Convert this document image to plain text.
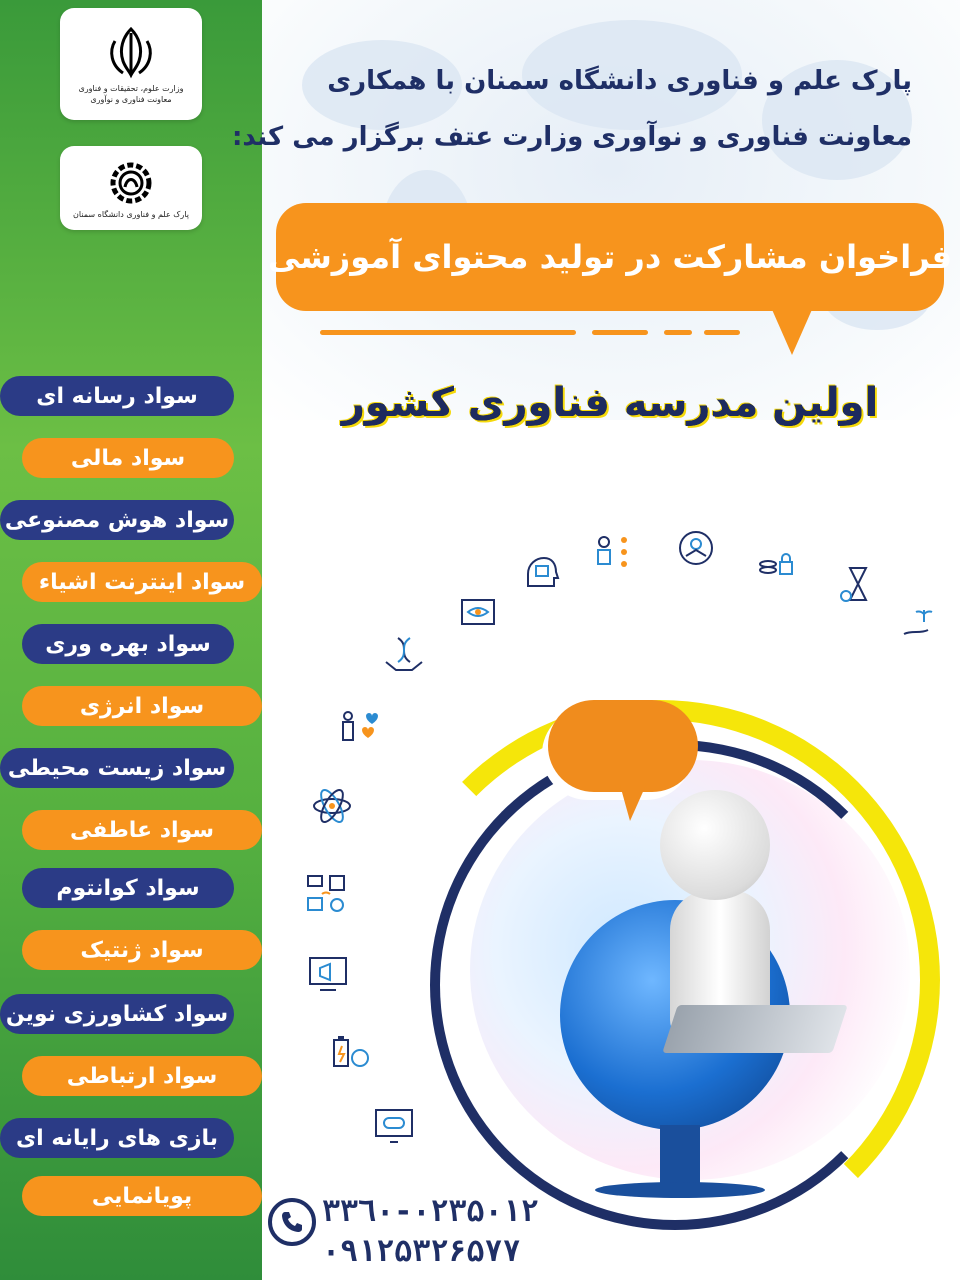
وزارت علوم، تحقیقات و فناوری
معاونت فناوری و نوآوری
پارک علم و فناوری دانشگاه سمنان
پارک علم و فناوری دانشگاه سمنان با همکاری
معاونت فناوری و نوآوری وزارت عتف برگزار می کند:
فراخوان مشارکت در تولید محتوای آموزشی
اولین مدرسه فناوری کشور
سواد رسانه ای
سواد مالی
سواد هوش مصنوعی
سواد اینترنت اشیاء
سواد بهره وری
سواد انرژی
سواد زیست محیطی
سواد عاطفی
سواد کوانتوم
سواد ژنتیک
سواد کشاورزی نوین
سواد ارتباطی
بازی های رایانه ای
پویانمایی	٠٢٣-٣٣٦٠۵٠١٢
٠٩١٢۵٣٢۶۵٧٧
